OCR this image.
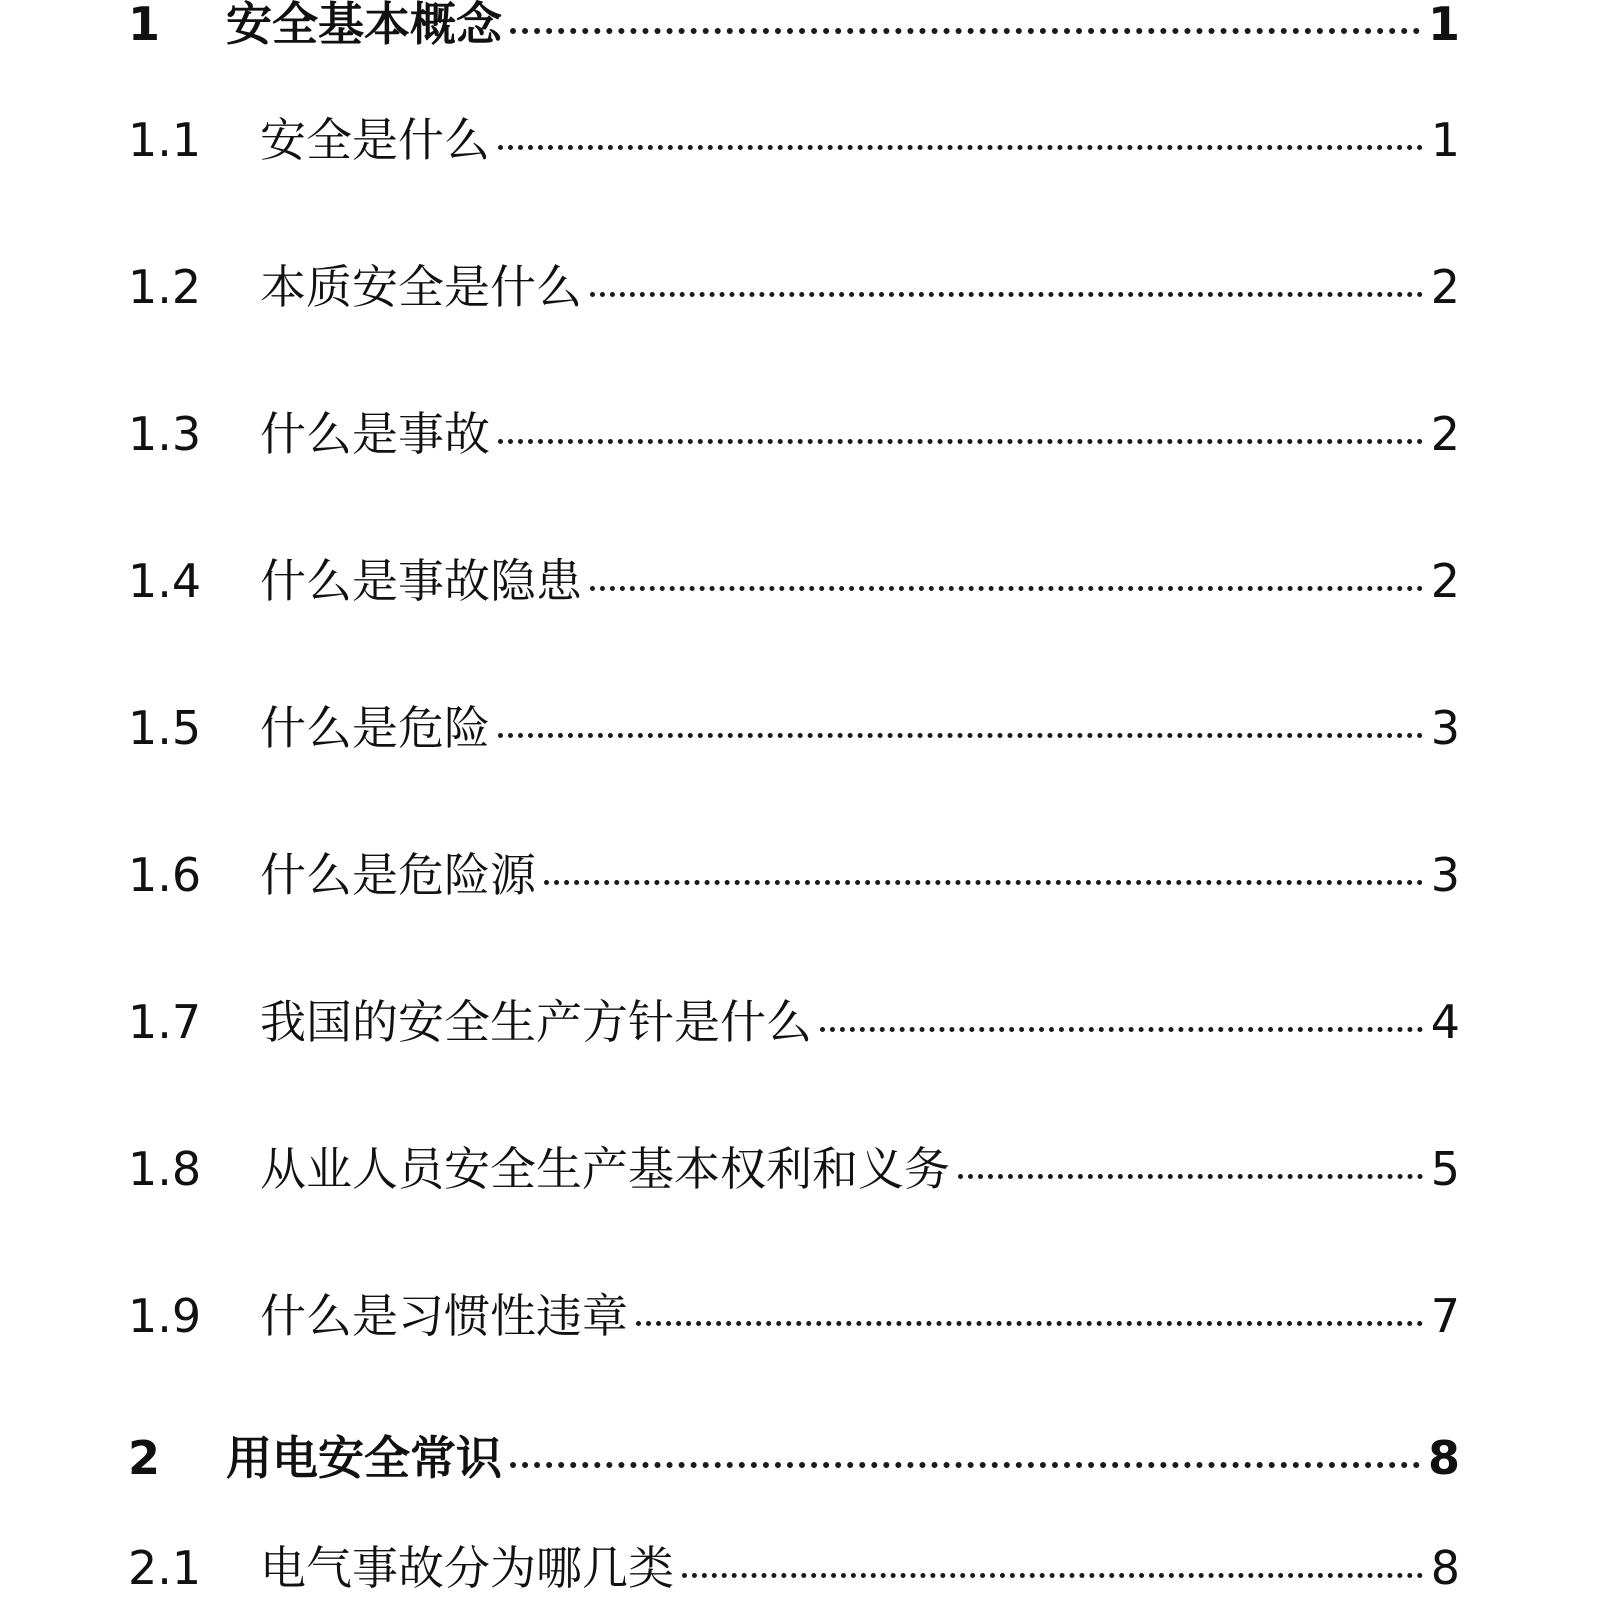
1	安全基本概念	1
1.1	安全是什么	1
1.2	本质安全是什么	2
1.3	什么是事故	2
1.4	什么是事故隐患	2
1.5	什么是危险	3
1.6	什么是危险源	3
1.7	我国的安全生产方针是什么	4
1.8	从业人员安全生产基本权利和义务	5
1.9	什么是习惯性违章	7
2	用电安全常识	8
2.1	电气事故分为哪几类	8
